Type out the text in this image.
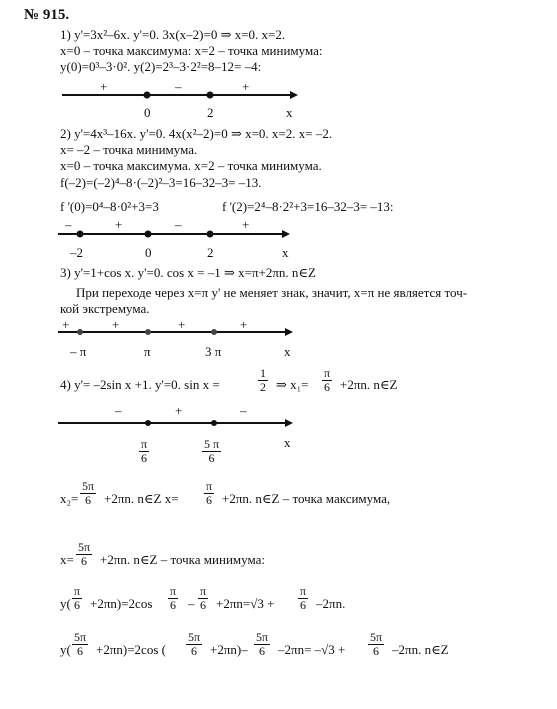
№ 915.
1) y'=3x²–6x. y'=0. 3x(x–2)=0 ⇒ x=0. x=2.
x=0 – точка максимума: x=2 – точка минимума:
y(0)=0³–3·0². y(2)=2³–3·2²=8–12= –4:
+	–	+
0	2	x
2) y'=4x³–16x. y'=0. 4x(x²–2)=0 ⇒ x=0. x=2. x= –2.
x= –2 – точка минимума.
x=0 – точка максимума. x=2 – точка минимума.
f(–2)=(–2)⁴–8·(–2)²–3=16–32–3= –13.
f '(0)=0⁴–8·0²+3=3	f '(2)=2⁴–8·2²+3=16–32–3= –13:
–	+	–	+
–2	0	2	x
3) y'=1+cos x. y'=0. cos x = –1 ⇒ x=π+2πn. n∈Z
При переходе через x=π y' не меняет знак, значит, x=π не является точ-
кой экстремума.
+	+	+	+
– π	π	3 π	x
4) y'= –2sin x +1. y'=0. sin x =	$\frac{1}{2}$ ⇒ $x_1= \frac{\pi}{6} +2\pi n$. n∈Z
–	+	–
$\frac{\pi}{6}$	$\frac{5 \pi}{6}$	x
$x_2= \frac{5\pi}{6} +2\pi n$. n∈Z $x= \frac{\pi}{6} +2\pi n$. n∈Z – точка максимума,
$x= \frac{5\pi}{6} +2\pi n$. n∈Z – точка минимума:
$y( \frac{\pi}{6} +2\pi n)=2\cos \frac{\pi}{6} - \frac{\pi}{6} +2\pi n=√3 + \frac{\pi}{6} -2\pi n$.
$y( \frac{5\pi}{6} +2\pi n)=2\cos$ ( $\frac{5\pi}{6} +2\pi n)- \frac{5\pi}{6} -2\pi n= -√3 + \frac{5\pi}{6} -2\pi n$. n∈Z
